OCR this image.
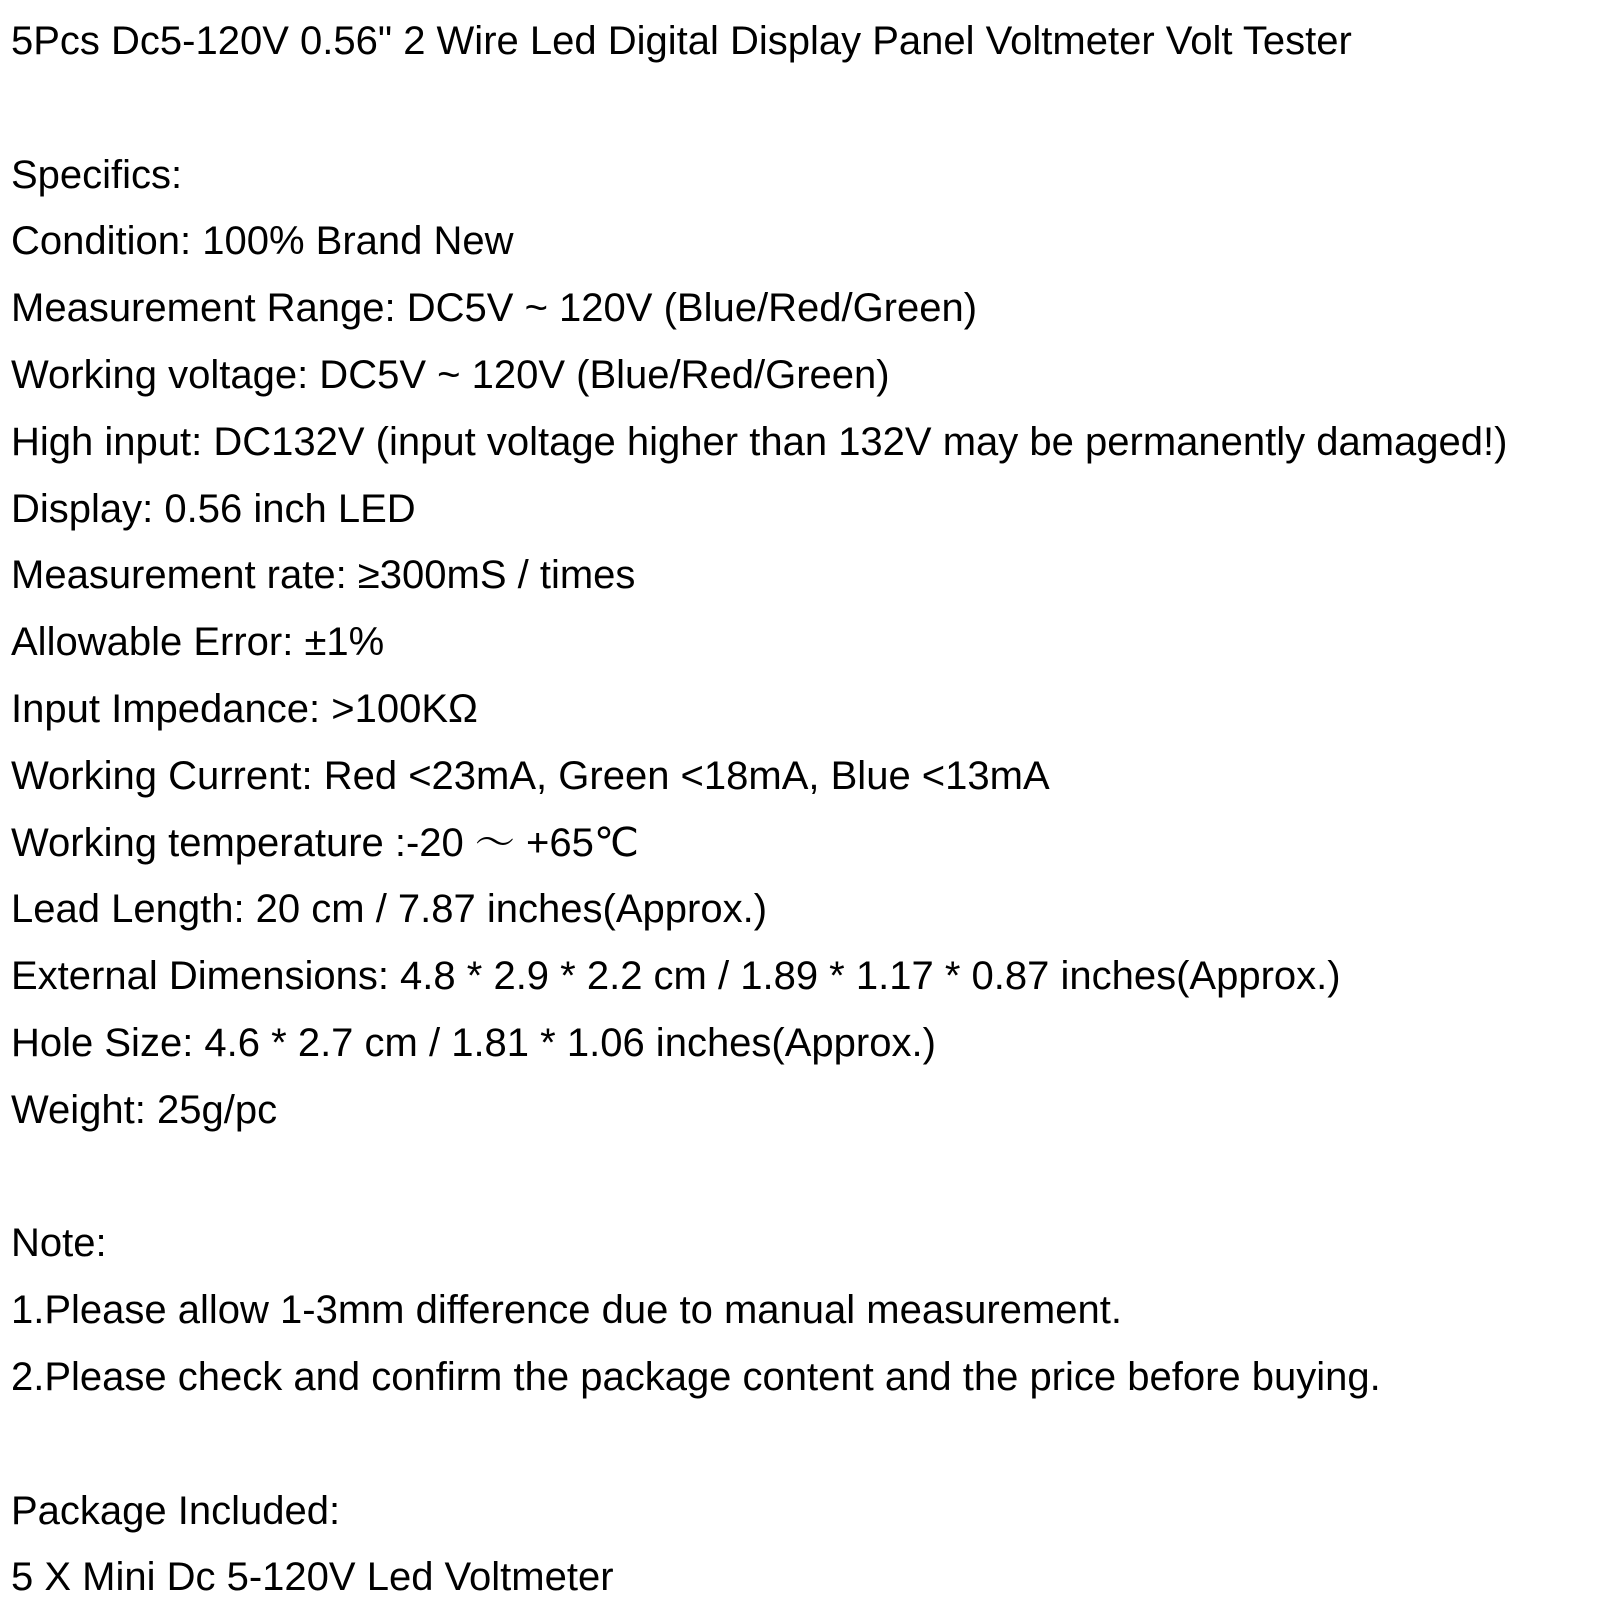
5Pcs Dc5-120V 0.56" 2 Wire Led Digital Display Panel Voltmeter Volt Tester
Specifics:
Condition: 100% Brand New
Measurement Range: DC5V ~ 120V (Blue/Red/Green)
Working voltage: DC5V ~ 120V (Blue/Red/Green)
High input: DC132V (input voltage higher than 132V may be permanently damaged!)
Display: 0.56 inch LED
Measurement rate: ≥300mS / times
Allowable Error: ±1%
Input Impedance: >100KΩ
Working Current: Red <23mA, Green <18mA, Blue <13mA
Working temperature :-20 ～ +65℃
Lead Length: 20 cm / 7.87 inches(Approx.)
External Dimensions: 4.8 * 2.9 * 2.2 cm / 1.89 * 1.17 * 0.87 inches(Approx.)
Hole Size: 4.6 * 2.7 cm / 1.81 * 1.06 inches(Approx.)
Weight: 25g/pc
Note:
1.Please allow 1-3mm difference due to manual measurement.
2.Please check and confirm the package content and the price before buying.
Package Included:
5 X Mini Dc 5-120V Led Voltmeter
